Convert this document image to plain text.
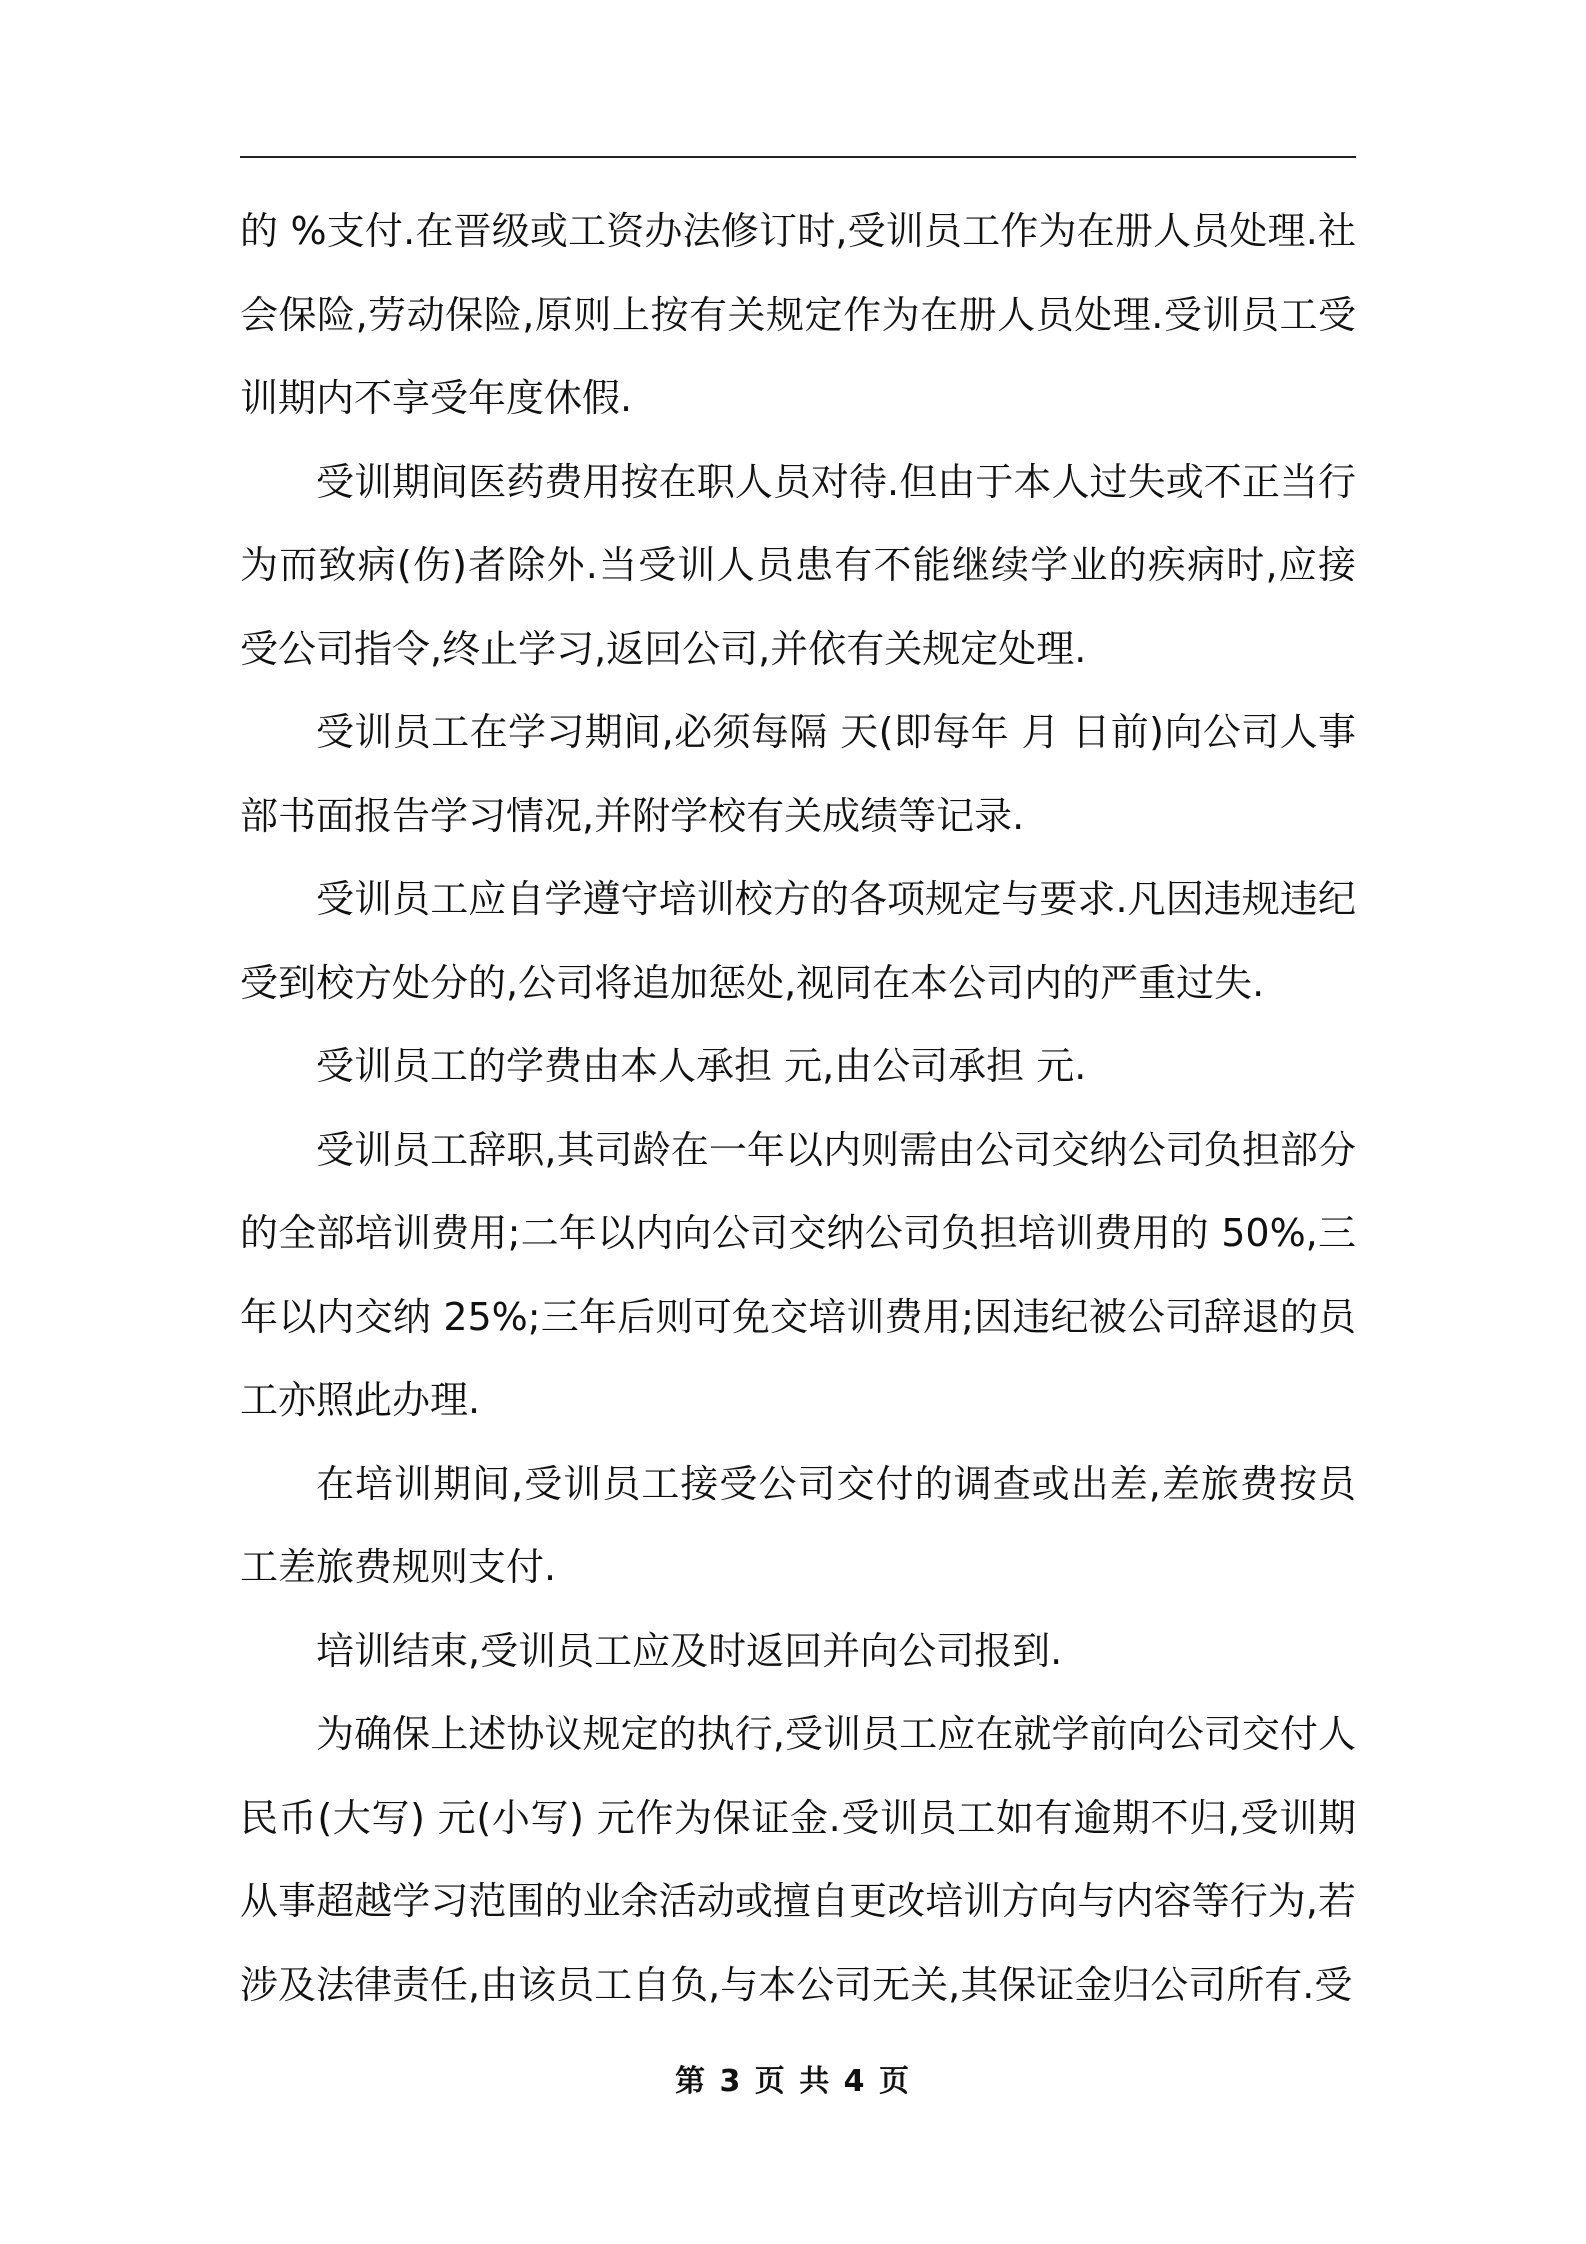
的 %支付.在晋级或工资办法修订时,受训员工作为在册人员处理.社会保险,劳动保险,原则上按有关规定作为在册人员处理.受训员工受训期内不享受年度休假.

受训期间医药费用按在职人员对待.但由于本人过失或不正当行为而致病(伤)者除外.当受训人员患有不能继续学业的疾病时,应接受公司指令,终止学习,返回公司,并依有关规定处理.

受训员工在学习期间,必须每隔 天(即每年 月 日前)向公司人事部书面报告学习情况,并附学校有关成绩等记录.

受训员工应自学遵守培训校方的各项规定与要求.凡因违规违纪受到校方处分的,公司将追加惩处,视同在本公司内的严重过失.

受训员工的学费由本人承担 元,由公司承担 元.

受训员工辞职,其司龄在一年以内则需由公司交纳公司负担部分的全部培训费用;二年以内向公司交纳公司负担培训费用的 50%,三年以内交纳 25%;三年后则可免交培训费用;因违纪被公司辞退的员工亦照此办理.

在培训期间,受训员工接受公司交付的调查或出差,差旅费按员工差旅费规则支付.

培训结束,受训员工应及时返回并向公司报到.

为确保上述协议规定的执行,受训员工应在就学前向公司交付人民币(大写) 元(小写) 元作为保证金.受训员工如有逾期不归,受训期从事超越学习范围的业余活动或擅自更改培训方向与内容等行为,若涉及法律责任,由该员工自负,与本公司无关,其保证金归公司所有.受

第 3 页 共 4 页
